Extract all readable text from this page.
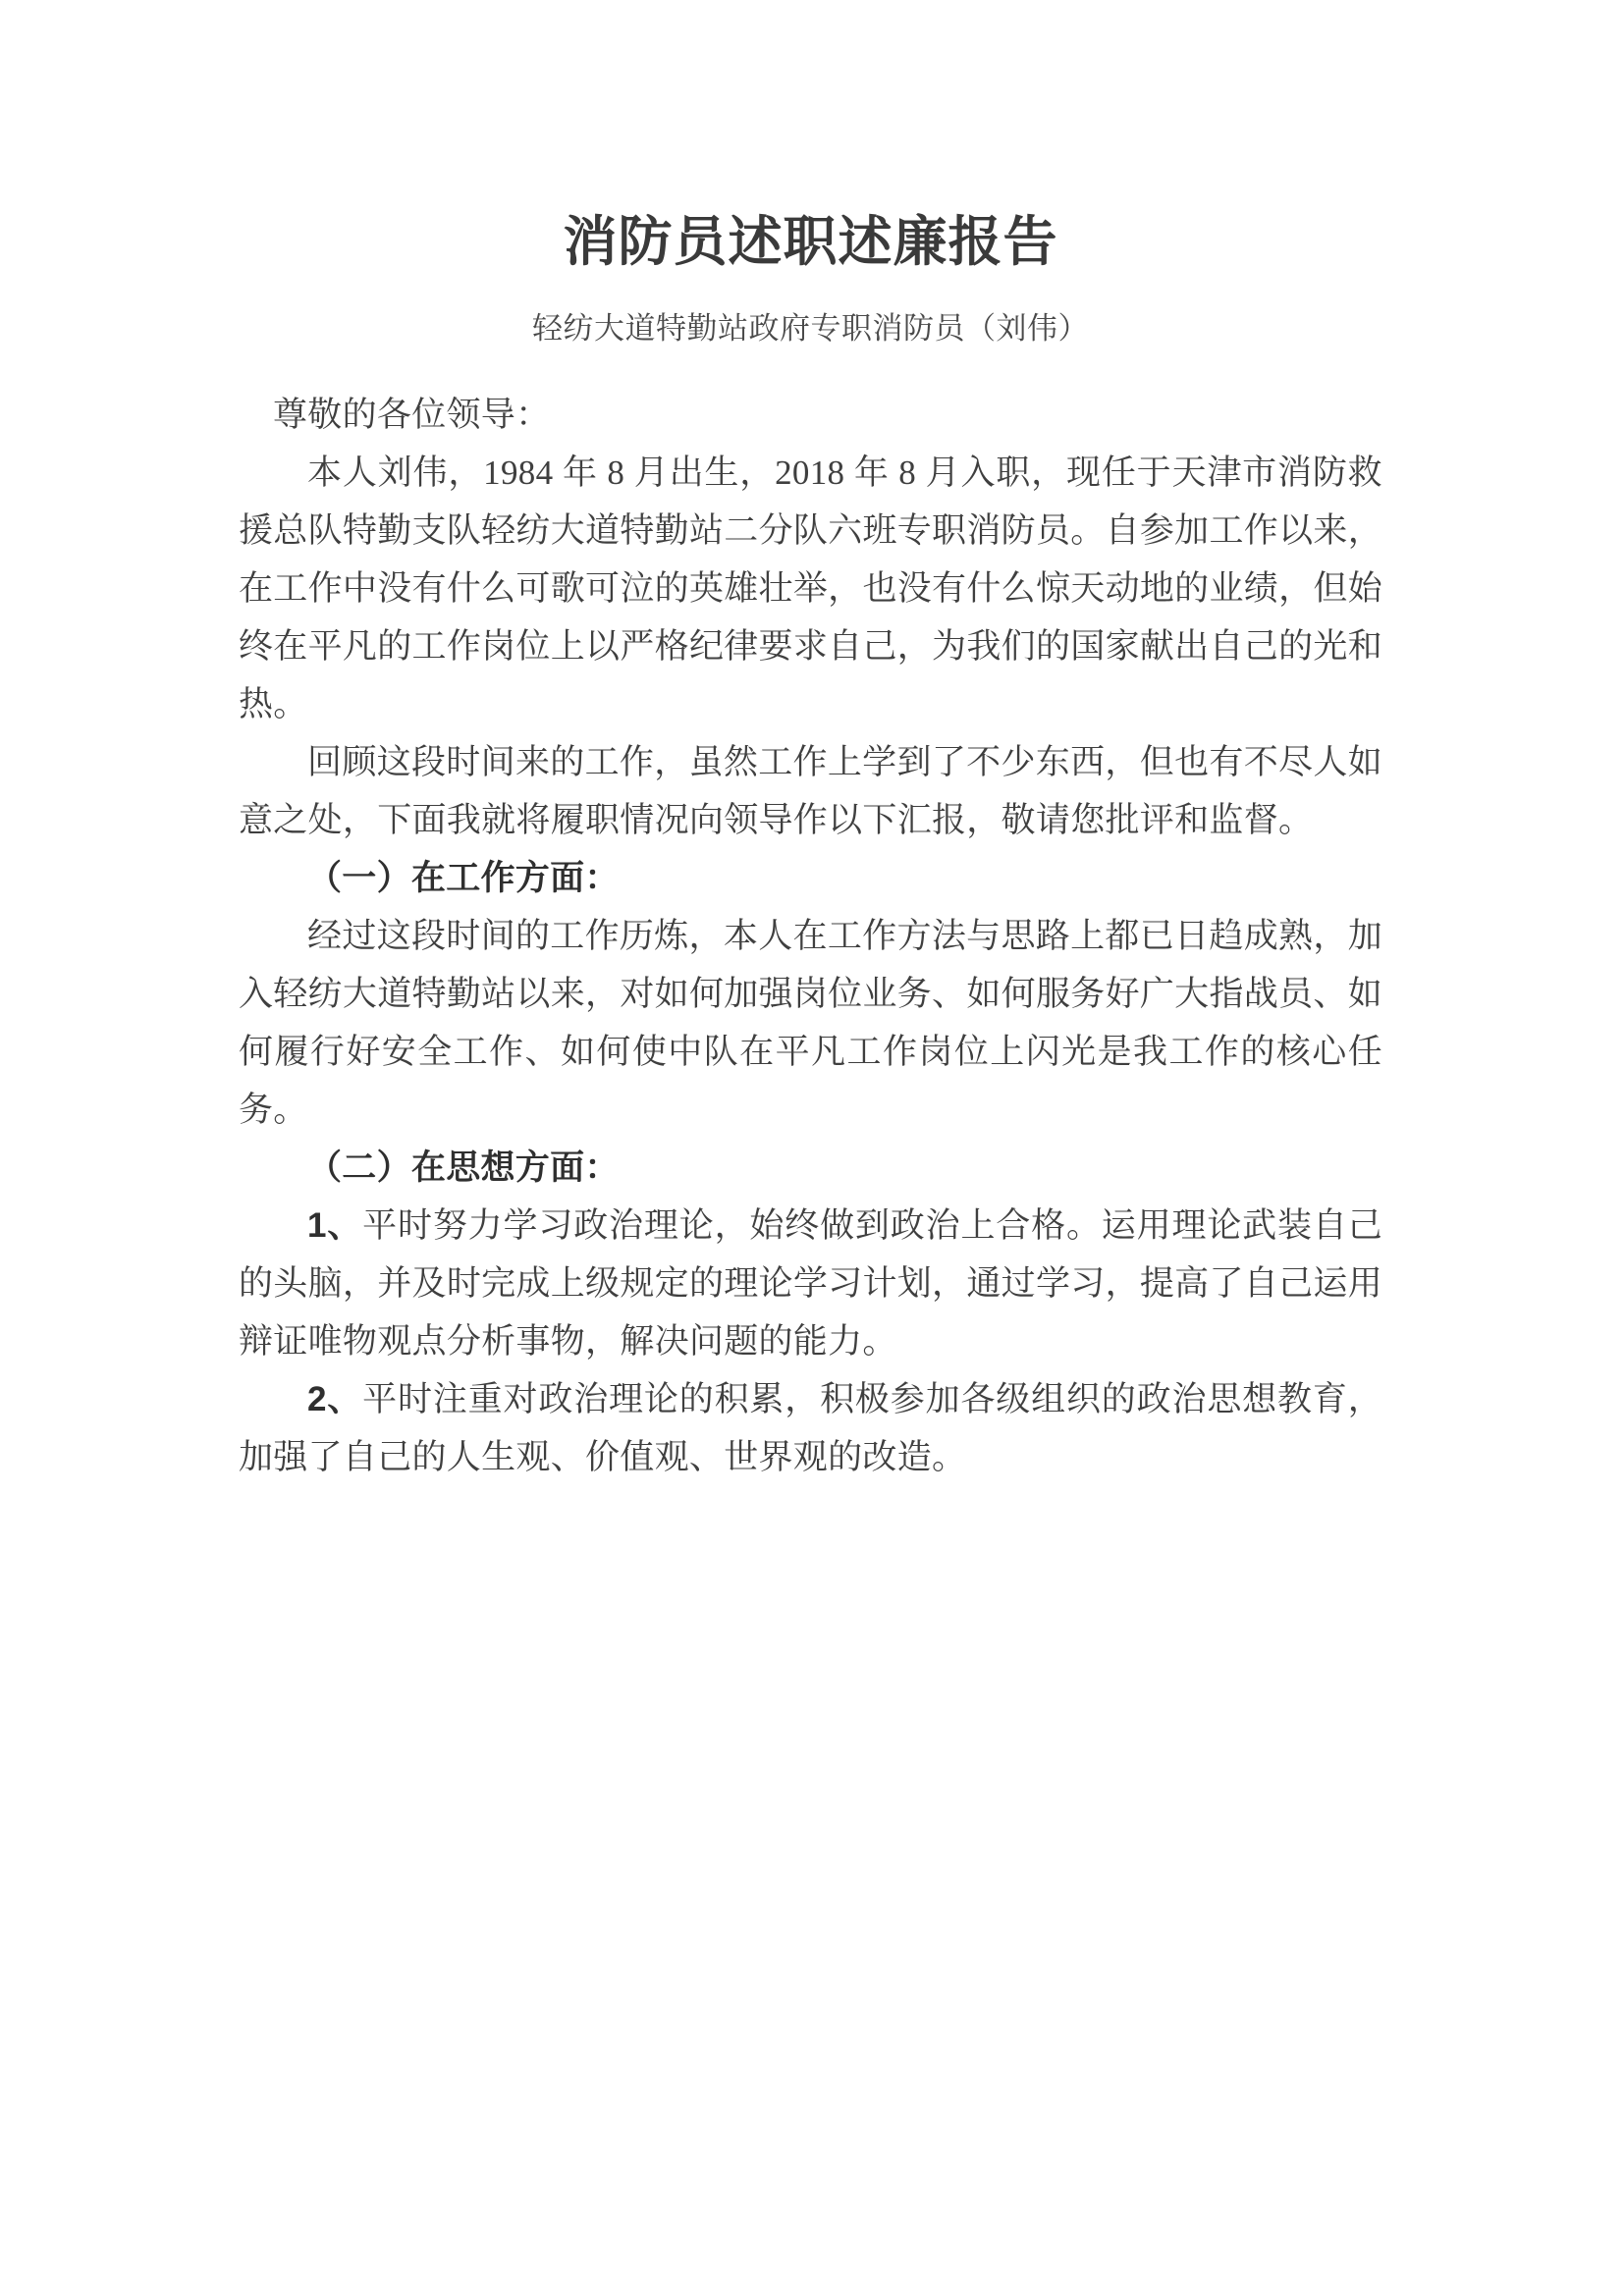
消防员述职述廉报告
轻纺大道特勤站政府专职消防员（刘伟）

尊敬的各位领导：

本人刘伟，1984 年 8 月出生，2018 年 8 月入职，现任于天津市消防救援总队特勤支队轻纺大道特勤站二分队六班专职消防员。自参加工作以来，在工作中没有什么可歌可泣的英雄壮举，也没有什么惊天动地的业绩，但始终在平凡的工作岗位上以严格纪律要求自己，为我们的国家献出自己的光和热。

回顾这段时间来的工作，虽然工作上学到了不少东西，但也有不尽人如意之处，下面我就将履职情况向领导作以下汇报，敬请您批评和监督。

（一）在工作方面：

经过这段时间的工作历炼，本人在工作方法与思路上都已日趋成熟，加入轻纺大道特勤站以来，对如何加强岗位业务、如何服务好广大指战员、如何履行好安全工作、如何使中队在平凡工作岗位上闪光是我工作的核心任务。

（二）在思想方面：

1、平时努力学习政治理论，始终做到政治上合格。运用理论武装自己的头脑，并及时完成上级规定的理论学习计划，通过学习，提高了自己运用辩证唯物观点分析事物，解决问题的能力。

2、平时注重对政治理论的积累，积极参加各级组织的政治思想教育，加强了自己的人生观、价值观、世界观的改造。
